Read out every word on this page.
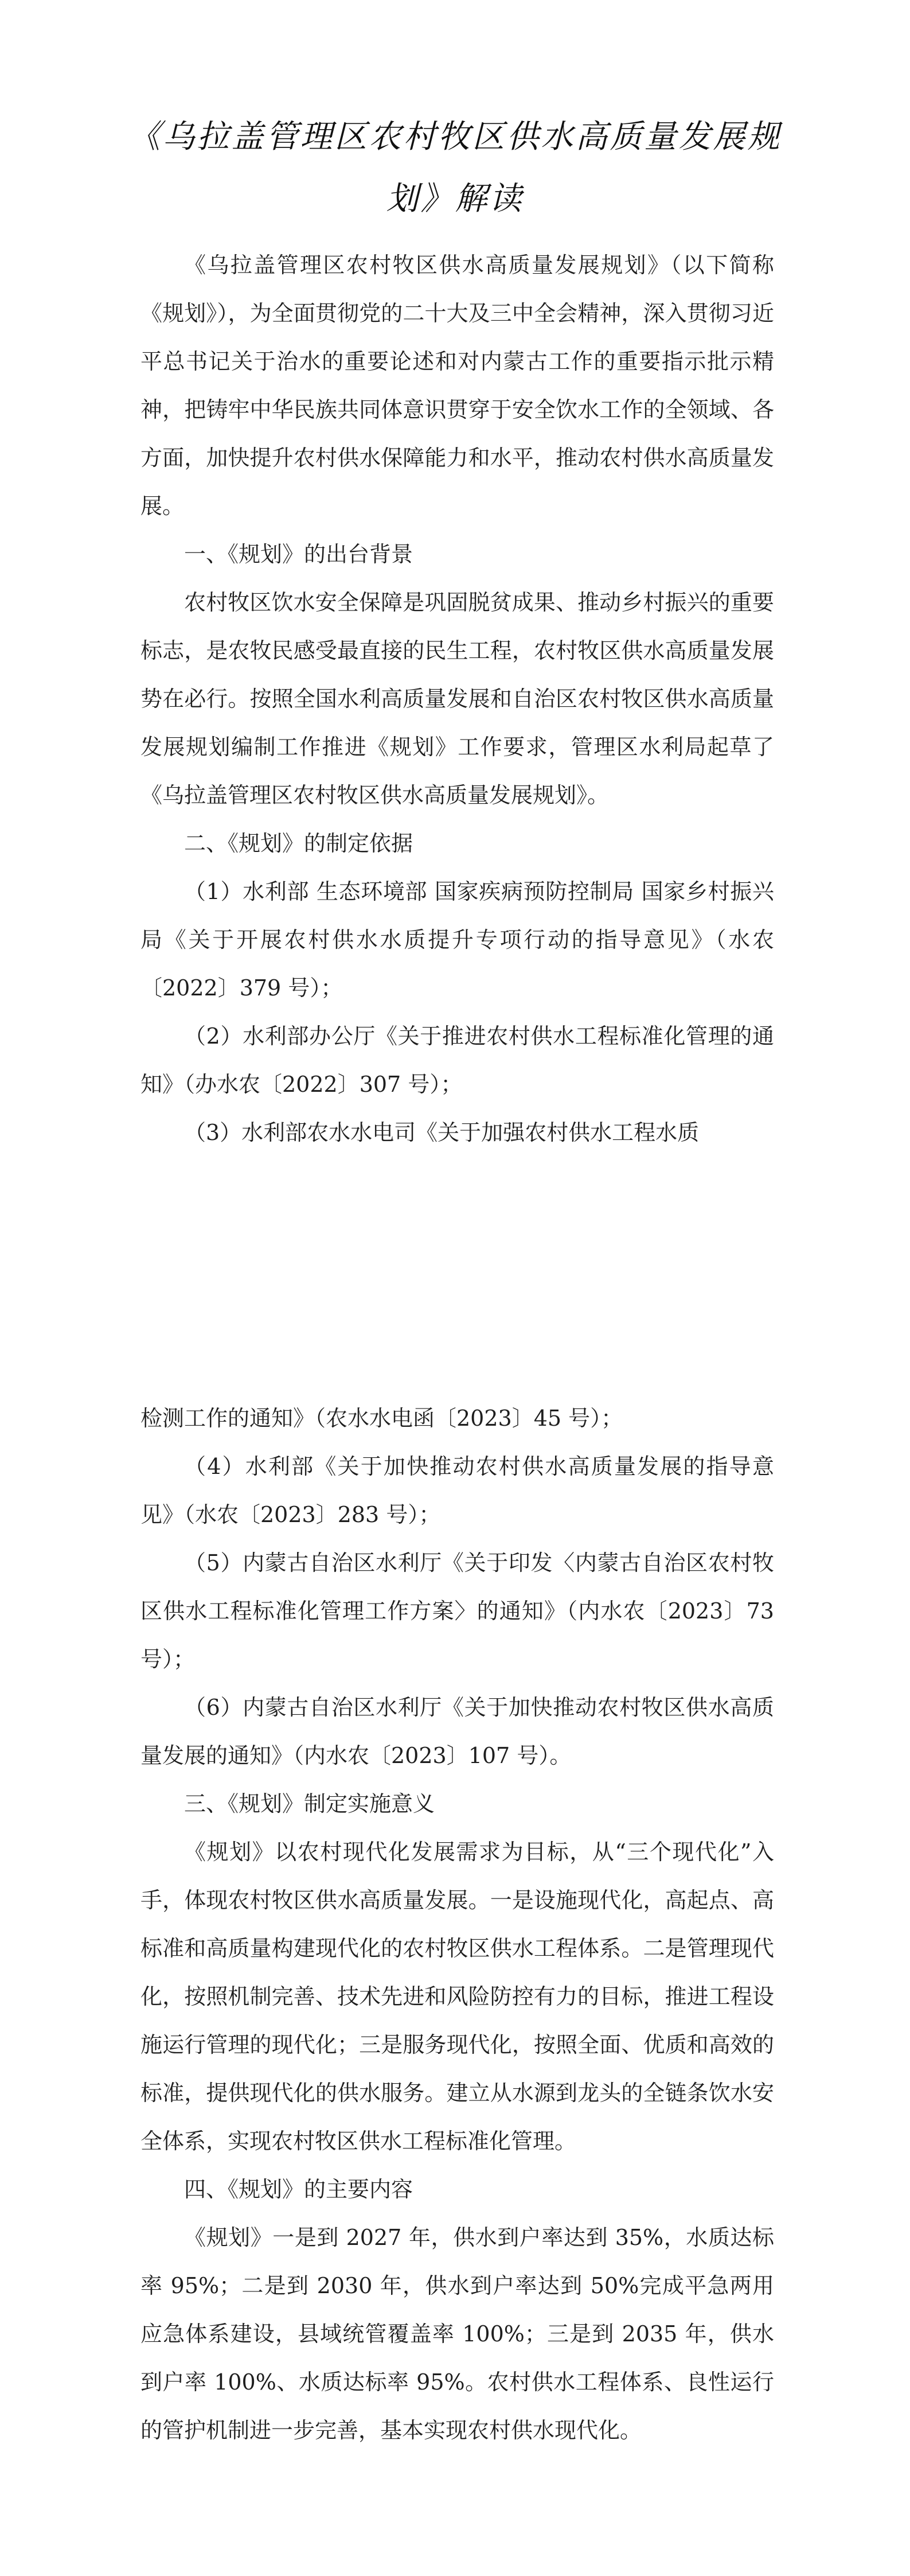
《乌拉盖管理区农村牧区供水高质量发展规划》解读

《乌拉盖管理区农村牧区供水高质量发展规划》（以下简称《规划》），为全面贯彻党的二十大及三中全会精神，深入贯彻习近平总书记关于治水的重要论述和对内蒙古工作的重要指示批示精神，把铸牢中华民族共同体意识贯穿于安全饮水工作的全领域、各方面，加快提升农村供水保障能力和水平，推动农村供水高质量发展。

一、《规划》的出台背景

农村牧区饮水安全保障是巩固脱贫成果、推动乡村振兴的重要标志，是农牧民感受最直接的民生工程，农村牧区供水高质量发展势在必行。按照全国水利高质量发展和自治区农村牧区供水高质量发展规划编制工作推进《规划》工作要求，管理区水利局起草了《乌拉盖管理区农村牧区供水高质量发展规划》。

二、《规划》的制定依据

（1）水利部 生态环境部 国家疾病预防控制局 国家乡村振兴局《关于开展农村供水水质提升专项行动的指导意见》（水农〔2022〕379 号）；

（2）水利部办公厅《关于推进农村供水工程标准化管理的通知》（办水农〔2022〕307 号）；

（3）水利部农水水电司《关于加强农村供水工程水质

检测工作的通知》（农水水电函〔2023〕45 号）；

（4）水利部《关于加快推动农村供水高质量发展的指导意见》（水农〔2023〕283 号）；

（5）内蒙古自治区水利厅《关于印发〈内蒙古自治区农村牧区供水工程标准化管理工作方案〉的通知》（内水农〔2023〕73 号）；

（6）内蒙古自治区水利厅《关于加快推动农村牧区供水高质量发展的通知》（内水农〔2023〕107 号）。

三、《规划》制定实施意义

《规划》以农村现代化发展需求为目标，从“三个现代化”入手，体现农村牧区供水高质量发展。一是设施现代化，高起点、高标准和高质量构建现代化的农村牧区供水工程体系。二是管理现代化，按照机制完善、技术先进和风险防控有力的目标，推进工程设施运行管理的现代化；三是服务现代化，按照全面、优质和高效的标准，提供现代化的供水服务。建立从水源到龙头的全链条饮水安全体系，实现农村牧区供水工程标准化管理。

四、《规划》的主要内容

《规划》一是到 2027 年，供水到户率达到 35%，水质达标率 95%；二是到 2030 年，供水到户率达到 50%完成平急两用应急体系建设，县域统管覆盖率 100%；三是到 2035 年，供水到户率 100%、水质达标率 95%。农村供水工程体系、良性运行的管护机制进一步完善，基本实现农村供水现代化。
